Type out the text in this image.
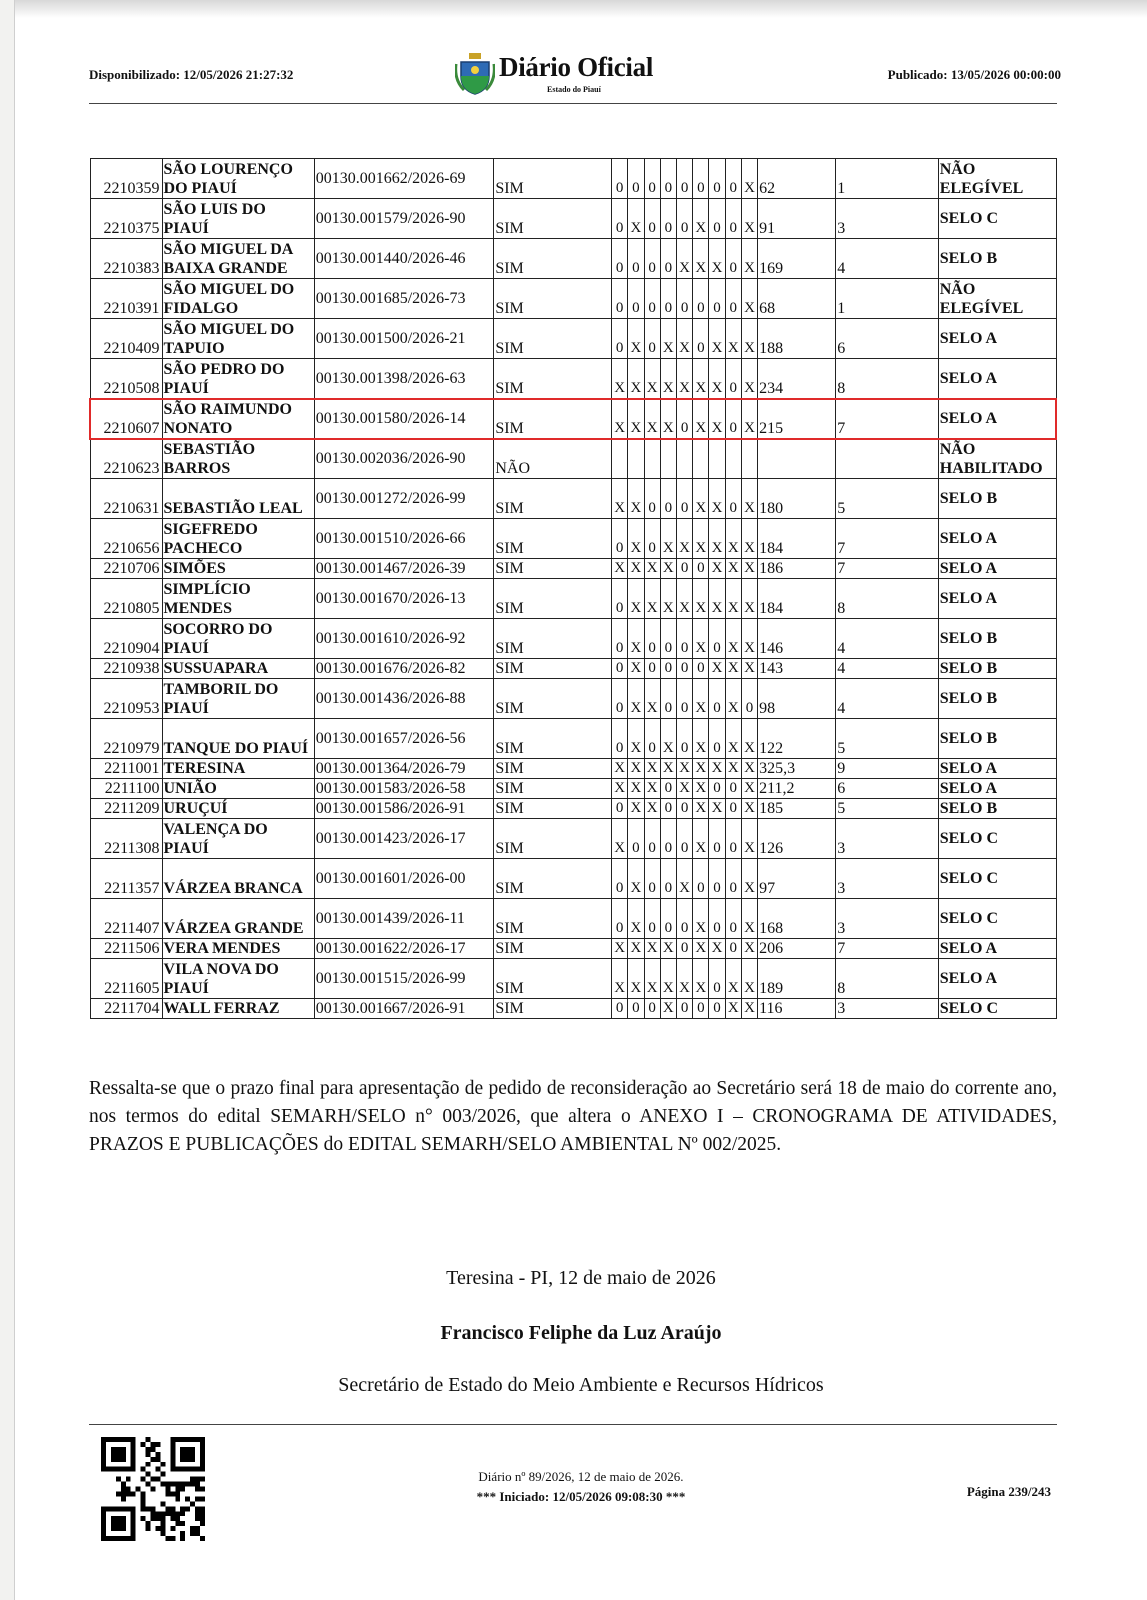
Disponibilizado: 12/05/2026 21:27:32	Diário Oficial
Estado do Piauí
Publicado: 13/05/2026 00:00:00
2210359	SÃO LOURENÇO DO PIAUÍ	00130.001662/2026-69	SIM	0	0	0	0	0	0	0	0	X	62	1	NÃO ELEGÍVEL
2210375	SÃO LUIS DO PIAUÍ	00130.001579/2026-90	SIM	0	X	0	0	0	X	0	0	X	91	3	SELO C
2210383	SÃO MIGUEL DA BAIXA GRANDE	00130.001440/2026-46	SIM	0	0	0	0	X	X	X	0	X	169	4	SELO B
2210391	SÃO MIGUEL DO FIDALGO	00130.001685/2026-73	SIM	0	0	0	0	0	0	0	0	X	68	1	NÃO ELEGÍVEL
2210409	SÃO MIGUEL DO TAPUIO	00130.001500/2026-21	SIM	0	X	0	X	X	0	X	X	X	188	6	SELO A
2210508	SÃO PEDRO DO PIAUÍ	00130.001398/2026-63	SIM	X	X	X	X	X	X	X	0	X	234	8	SELO A
2210607	SÃO RAIMUNDO NONATO	00130.001580/2026-14	SIM	X	X	X	X	0	X	X	0	X	215	7	SELO A
2210623	SEBASTIÃO BARROS	00130.002036/2026-90	NÃO												NÃO HABILITADO
2210631	SEBASTIÃO LEAL	00130.001272/2026-99	SIM	X	X	0	0	0	X	X	0	X	180	5	SELO B
2210656	SIGEFREDO PACHECO	00130.001510/2026-66	SIM	0	X	0	X	X	X	X	X	X	184	7	SELO A
2210706	SIMÕES	00130.001467/2026-39	SIM	X	X	X	X	0	0	X	X	X	186	7	SELO A
2210805	SIMPLÍCIO MENDES	00130.001670/2026-13	SIM	0	X	X	X	X	X	X	X	X	184	8	SELO A
2210904	SOCORRO DO PIAUÍ	00130.001610/2026-92	SIM	0	X	0	0	0	X	0	X	X	146	4	SELO B
2210938	SUSSUAPARA	00130.001676/2026-82	SIM	0	X	0	0	0	0	X	X	X	143	4	SELO B
2210953	TAMBORIL DO PIAUÍ	00130.001436/2026-88	SIM	0	X	X	0	0	X	0	X	0	98	4	SELO B
2210979	TANQUE DO PIAUÍ	00130.001657/2026-56	SIM	0	X	0	X	0	X	0	X	X	122	5	SELO B
2211001	TERESINA	00130.001364/2026-79	SIM	X	X	X	X	X	X	X	X	X	325,3	9	SELO A
2211100	UNIÃO	00130.001583/2026-58	SIM	X	X	X	0	X	X	0	0	X	211,2	6	SELO A
2211209	URUÇUÍ	00130.001586/2026-91	SIM	0	X	X	0	0	X	X	0	X	185	5	SELO B
2211308	VALENÇA DO PIAUÍ	00130.001423/2026-17	SIM	X	0	0	0	0	X	0	0	X	126	3	SELO C
2211357	VÁRZEA BRANCA	00130.001601/2026-00	SIM	0	X	0	0	X	0	0	0	X	97	3	SELO C
2211407	VÁRZEA GRANDE	00130.001439/2026-11	SIM	0	X	0	0	0	X	0	0	X	168	3	SELO C
2211506	VERA MENDES	00130.001622/2026-17	SIM	X	X	X	X	0	X	X	0	X	206	7	SELO A
2211605	VILA NOVA DO PIAUÍ	00130.001515/2026-99	SIM	X	X	X	X	X	X	0	X	X	189	8	SELO A
2211704	WALL FERRAZ	00130.001667/2026-91	SIM	0	0	0	X	0	0	0	X	X	116	3	SELO C
Ressalta-se que o prazo final para apresentação de pedido de reconsideração ao Secretário será 18 de maio do corrente ano, nos termos do edital SEMARH/SELO n° 003/2026, que altera o ANEXO I – CRONOGRAMA DE ATIVIDADES, PRAZOS E PUBLICAÇÕES do EDITAL SEMARH/SELO AMBIENTAL Nº 002/2025.
Teresina - PI, 12 de maio de 2026
Francisco Feliphe da Luz Araújo
Secretário de Estado do Meio Ambiente e Recursos Hídricos
Diário nº 89/2026, 12 de maio de 2026.
*** Iniciado: 12/05/2026 09:08:30 ***	Página 239/243
